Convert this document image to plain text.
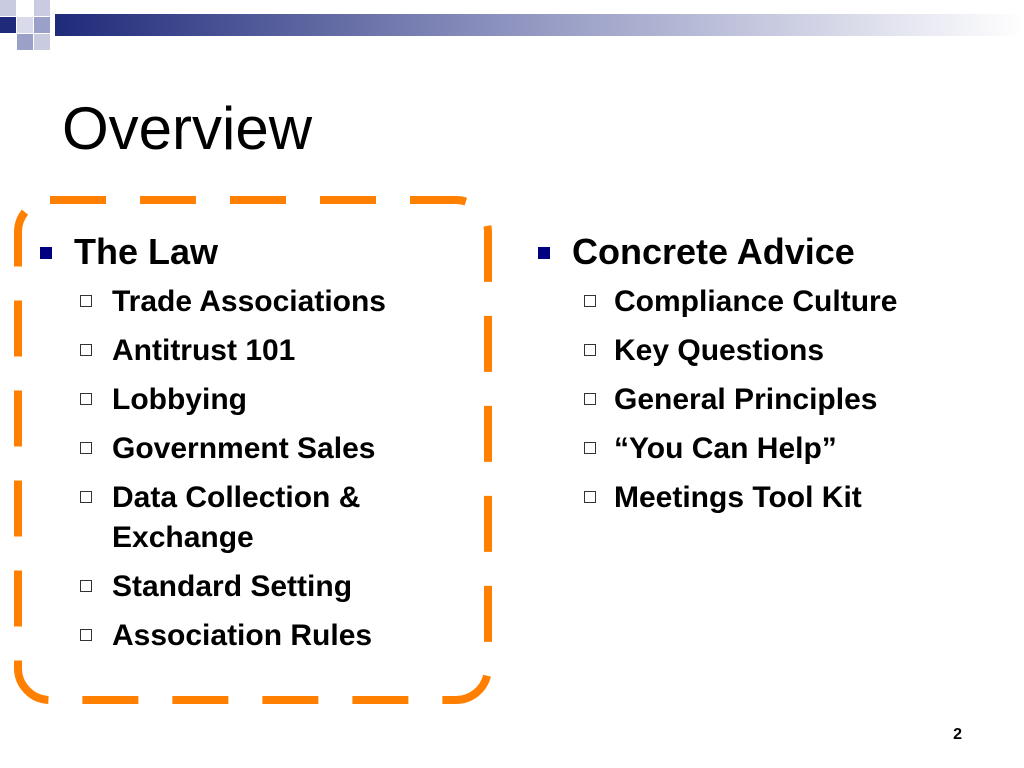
Overview
The Law
Trade Associations
Antitrust 101
Lobbying
Government Sales
Data Collection & Exchange
Standard Setting
Association Rules
Concrete Advice
Compliance Culture
Key Questions
General Principles
“You Can Help”
Meetings Tool Kit
2
